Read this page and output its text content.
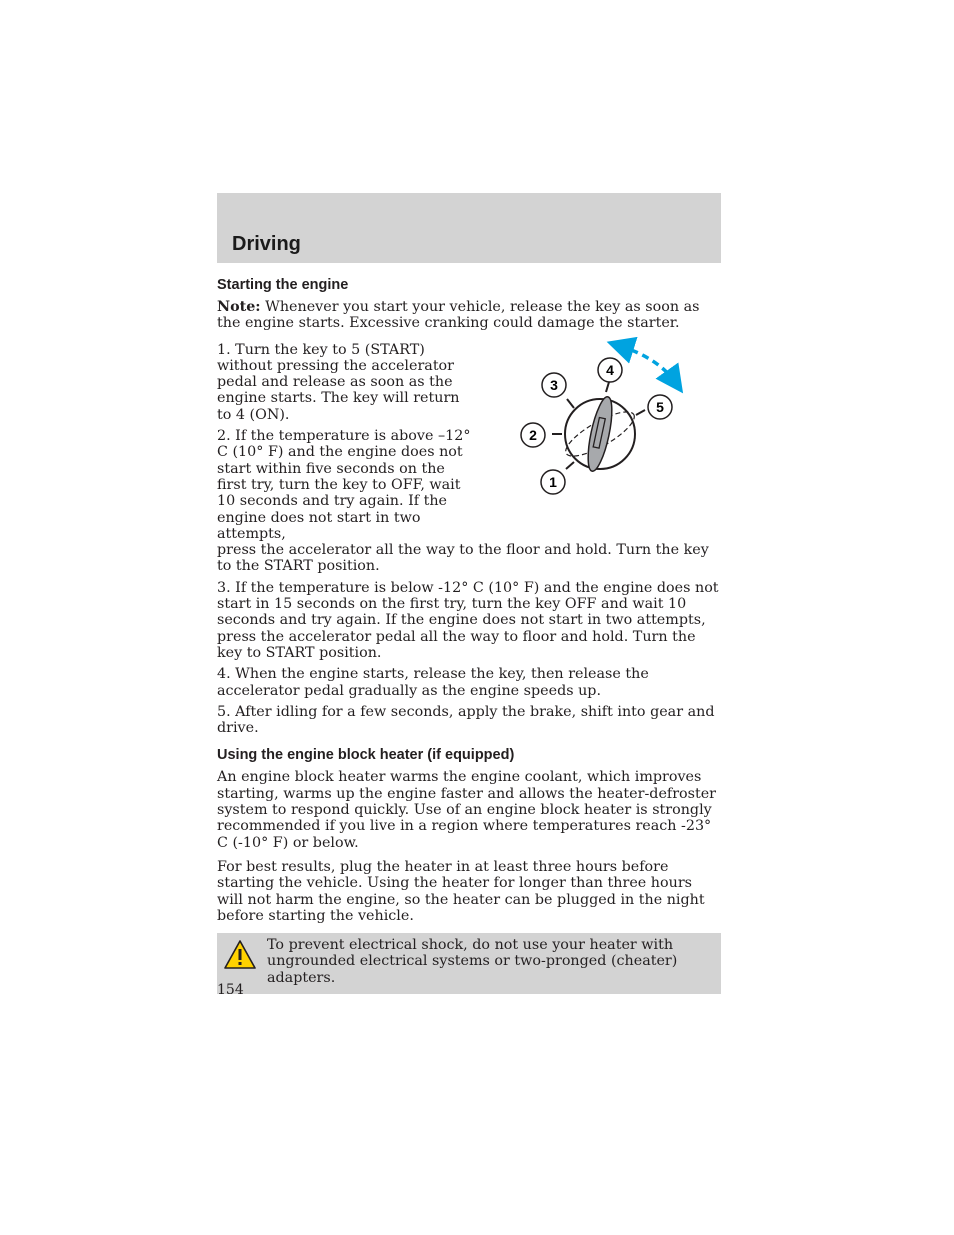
Driving
1
2
3
4
5
Starting the engine

Note: Whenever you start your vehicle, release the key as soon as the engine starts. Excessive cranking could damage the starter.

1. Turn the key to 5 (START) without pressing the accelerator pedal and release as soon as the engine starts. The key will return to 4 (ON).

2. If the temperature is above –12° C (10° F) and the engine does not start within five seconds on the first try, turn the key to OFF, wait 10 seconds and try again. If the engine does not start in two attempts,

press the accelerator all the way to the floor and hold. Turn the key to the START position.

3. If the temperature is below -12° C (10° F) and the engine does not start in 15 seconds on the first try, turn the key OFF and wait 10 seconds and try again. If the engine does not start in two attempts, press the accelerator pedal all the way to floor and hold. Turn the key to START position.

4. When the engine starts, release the key, then release the accelerator pedal gradually as the engine speeds up.

5. After idling for a few seconds, apply the brake, shift into gear and drive.

Using the engine block heater (if equipped)

An engine block heater warms the engine coolant, which improves starting, warms up the engine faster and allows the heater-defroster system to respond quickly. Use of an engine block heater is strongly recommended if you live in a region where temperatures reach -23° C (-10° F) or below.

For best results, plug the heater in at least three hours before starting the vehicle. Using the heater for longer than three hours will not harm the engine, so the heater can be plugged in the night before starting the vehicle.

To prevent electrical shock, do not use your heater with ungrounded electrical systems or two-pronged (cheater) adapters.
154
